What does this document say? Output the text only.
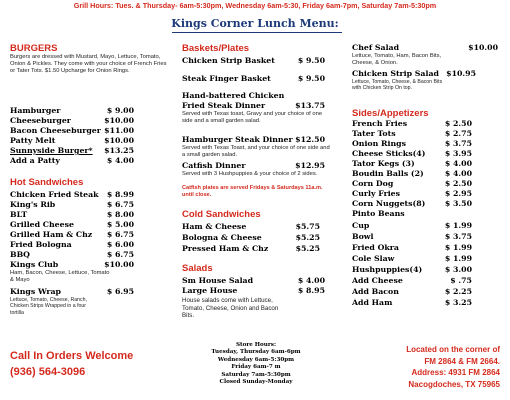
Grill Hours: Tues. & Thursday- 6am-5:30pm, Wednesday 6am-5:30, Friday 6am-7pm, Saturday 7am-5:30pm
Kings Corner Lunch Menu:
BURGERS
Burgers are dressed with Mustard, Mayo, Lettuce, Tomato, Onion & Pickles. They come with your choice of French Fries or Tater Tots. $1.50 Upcharge for Onion Rings.
Hamburger	$ 9.00
Cheeseburger	$10.00
Bacon Cheeseburger $11.00
Patty Melt	$10.00
Sunnyside Burger* $13.25
Add a Patty	$ 4.00
Hot Sandwiches
Chicken Fried Steak $ 8.99
King's Rib	$ 6.75
BLT	$ 8.00
Grilled Cheese	$ 5.00
Grilled Ham & Chz $ 6.75
Fried Bologna	$ 6.00
BBQ	$ 6.75
Kings Club	$10.00
Ham, Bacon, Cheese, Lettuce, Tomato & Mayo
Kings Wrap	$ 6.95
Lettuce, Tomato, Cheese, Ranch, Chicken Strips Wrapped in a four tortilla
Baskets/Plates
Chicken Strip Basket	$ 9.50
Steak Finger Basket	$ 9.50
Hand-battered Chicken
Fried Steak Dinner	$13.75
Served with Texas toast, Gravy and your choice of one side and a small garden salad.
Hamburger Steak Dinner $12.50
Served with Texas Toast, and your choice of one side and a small garden salad.
Catfish Dinner	$12.95
Served with 3 Hushpuppies & your choice of 2 sides.
Catfish plates are served Fridays & Saturdays 11a.m. until close.
Cold Sandwiches
Ham & Cheese	$5.75
Bologna & Cheese	$5.25
Pressed Ham & Chz	$5.25
Salads
Sm House Salad	$ 4.00
Large House	$ 8.95
House salads come with Lettuce, Tomato, Cheese, Onion and Bacon Bits.
Chef Salad	$10.00
Lettuce, Tomato, Ham, Bacon Bits, Cheese, & Onion.
Chicken Strip Salad $10.95
Lettuce, Tomato, Cheese, & Bacon Bits with Chicken Strip On top.
Sides/Appetizers
French Fries	$ 2.50
Tater Tots	$ 2.75
Onion Rings	$ 3.75
Cheese Sticks(4) $ 3.95
Tator Kegs (3)	$ 4.00
Boudin Balls (2)	$ 4.00
Corn Dog	$ 2.50
Curly Fries	$ 2.95
Corn Nuggets(8)	$ 3.50
Pinto Beans
Cup	$ 1.99
Bowl	$ 3.75
Fried Okra	$ 1.99
Cole Slaw	$ 1.99
Hushpuppies(4)	$ 3.00
Add Cheese	$ .75
Add Bacon	$ 2.25
Add Ham	$ 3.25
Store Hours:
Tuesday, Thursday 6am-6pm
Wednesday 6am-5:30pm
Friday 6am-7 m
Saturday 7am-5:30pm
Closed Sunday-Monday
Call In Orders Welcome
(936) 564-3096
Located on the corner of
FM 2864 & FM 2664.
Address: 4931 FM 2864
Nacogdoches, TX 75965
